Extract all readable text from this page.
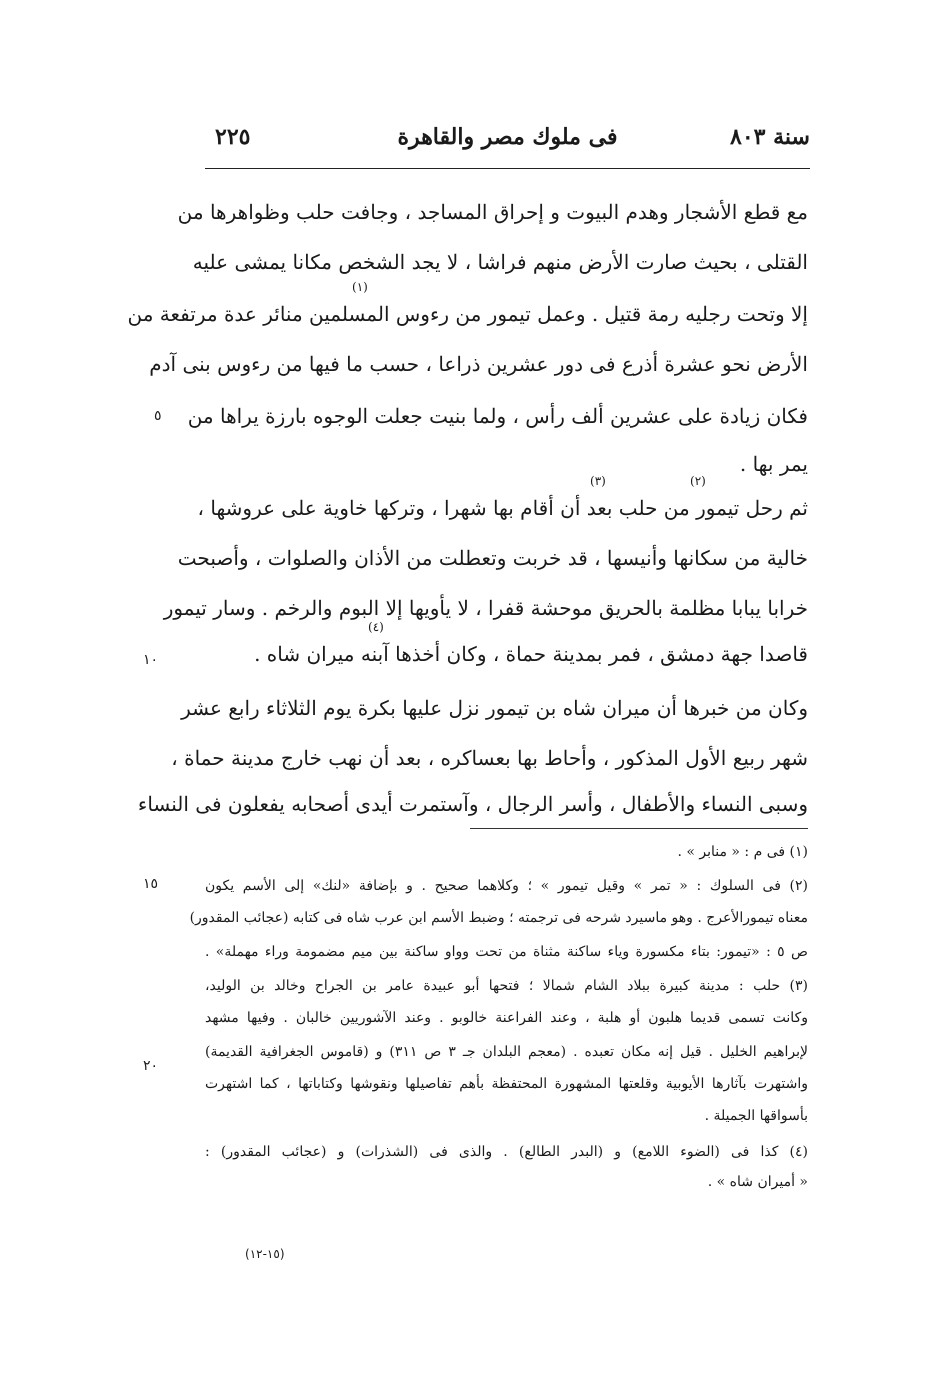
سنة ٨٠٣
فى ملوك مصر والقاهرة
٢٢٥
مع قطع الأشجار وهدم البيوت و إحراق المساجد ، وجافت حلب وظواهرها من
القتلى ، بحيث صارت الأرض منهم فراشا ، لا يجد الشخص مكانا يمشى عليه
(١)
إلا وتحت رجليه رمة قتيل . وعمل تيمور من رءوس المسلمين منائر عدة مرتفعة من
الأرض نحو عشرة أذرع فى دور عشرين ذراعا ، حسب ما فيها من رءوس بنى آدم
فكان زيادة على عشرين ألف رأس ، ولما بنيت جعلت الوجوه بارزة يراها من
يمر بها .
(٢)
(٣)
ثم رحل تيمور من حلب بعد أن أقام بها شهرا ، وتركها خاوية على عروشها ،
خالية من سكانها وأنيسها ، قد خربت وتعطلت من الأذان والصلوات ، وأصبحت
خرابا يبابا مظلمة بالحريق موحشة قفرا ، لا يأويها إلا البوم والرخم . وسار تيمور
(٤)
قاصدا جهة دمشق ، فمر بمدينة حماة ، وكان أخذها آبنه ميران شاه .
وكان من خبرها أن ميران شاه بن تيمور نزل عليها بكرة يوم الثلاثاء رابع عشر
شهر ربيع الأول المذكور ، وأحاط بها بعساكره ، بعد أن نهب خارج مدينة حماة ،
وسبى النساء والأطفال ، وأسر الرجال ، وآستمرت أيدى أصحابه يفعلون فى النساء
٥
١٠
١٥
٢٠
(١) فى م : « منابر » .
(٢) فى السلوك : « تمر » وقيل تيمور » ؛ وكلاهما صحيح . و بإضافة «لنك» إلى الأسم يكون
معناه تيمورالأعرج . وهو ماسيرد شرحه فى ترجمته ؛ وضبط الأسم ابن عرب شاه فى كتابه (عجائب المقدور)
ص ٥ : «تيمور: بتاء مكسورة وياء ساكنة مثناة من تحت وواو ساكنة بين ميم مضمومة وراء مهملة» .
(٣) حلب : مدينة كبيرة ببلاد الشام شمالا ؛ فتحها أبو عبيدة عامر بن الجراح وخالد بن الوليد،
وكانت تسمى قديما هلبون أو هلبة ، وعند الفراعنة خالوبو . وعند الآشوريين خالبان . وفيها مشهد
لإبراهيم الخليل . قيل إنه مكان تعبده . (معجم البلدان جـ ٣ ص ٣١١) و (قاموس الجغرافية القديمة)
واشتهرت بآثارها الأيوبية وقلعتها المشهورة المحتفظة بأهم تفاصيلها ونقوشها وكتاباتها ، كما اشتهرت
بأسواقها الجميلة .
(٤) كذا فى (الضوء اللامع) و (البدر الطالع) . والذى فى (الشذرات) و (عجائب المقدور) :
« أميران شاه » .
(١٥-١٢)
